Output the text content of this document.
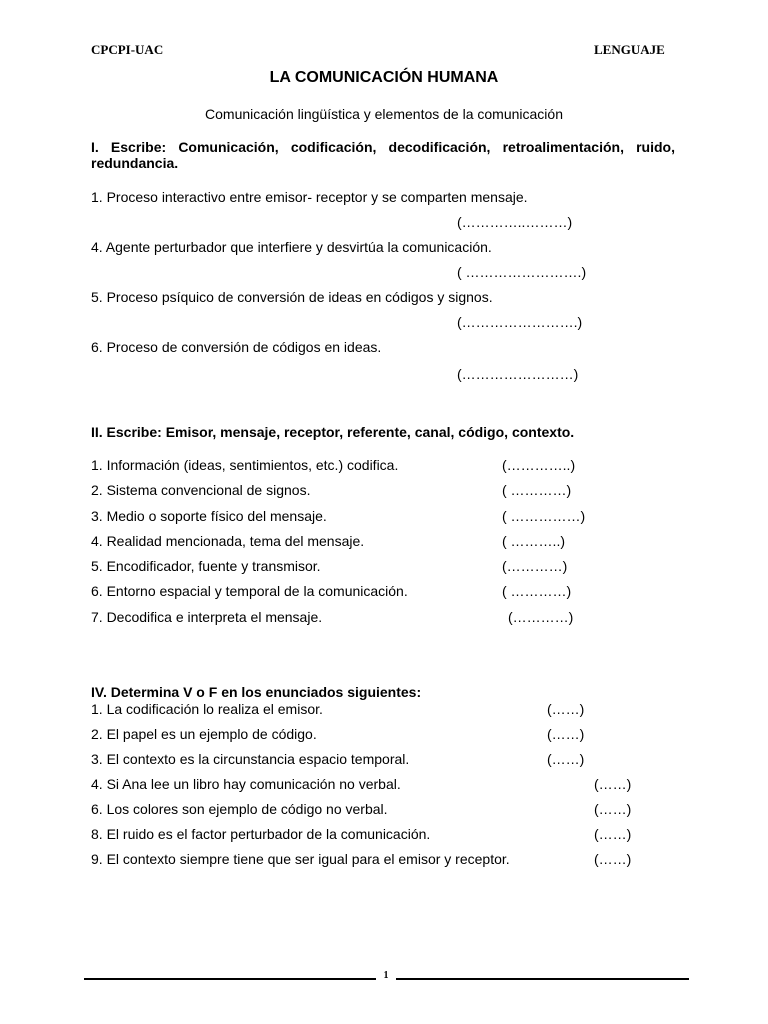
CPCPI-UAC	LENGUAJE
LA COMUNICACIÓN HUMANA
Comunicación lingüística y elementos de la comunicación
I. Escribe: Comunicación, codificación, decodificación, retroalimentación, ruido, redundancia.
1. Proceso interactivo entre emisor- receptor y se comparten mensaje.
(…………..………)
4. Agente perturbador que interfiere y desvirtúa la comunicación.
( …………………….)
5. Proceso psíquico de conversión de ideas en códigos y signos.
(…………………….)
6. Proceso de conversión de códigos en ideas.
(……………………)
II. Escribe: Emisor, mensaje, receptor, referente, canal, código, contexto.
1. Información (ideas, sentimientos, etc.) codifica.	(…………..)
2. Sistema convencional de signos.	( …………)
3. Medio o soporte físico del mensaje.	( ……………)
4. Realidad mencionada, tema del mensaje.	( ………..)
5. Encodificador, fuente y transmisor.	(…………)
6. Entorno espacial y temporal de la comunicación.	( …………)
7. Decodifica e interpreta el mensaje.	(…………)
IV. Determina V o F en los enunciados siguientes:
1. La codificación lo realiza el emisor.	(……)
2. El papel es un ejemplo de código.	(……)
3. El contexto es la circunstancia espacio temporal.	(……)
4. Si Ana lee un libro hay comunicación no verbal.	(……)
6. Los colores son ejemplo de código no verbal.	(……)
8. El ruido es el factor perturbador de la comunicación.	(……)
9. El contexto siempre tiene que ser igual para el emisor y receptor.	(……)
1
